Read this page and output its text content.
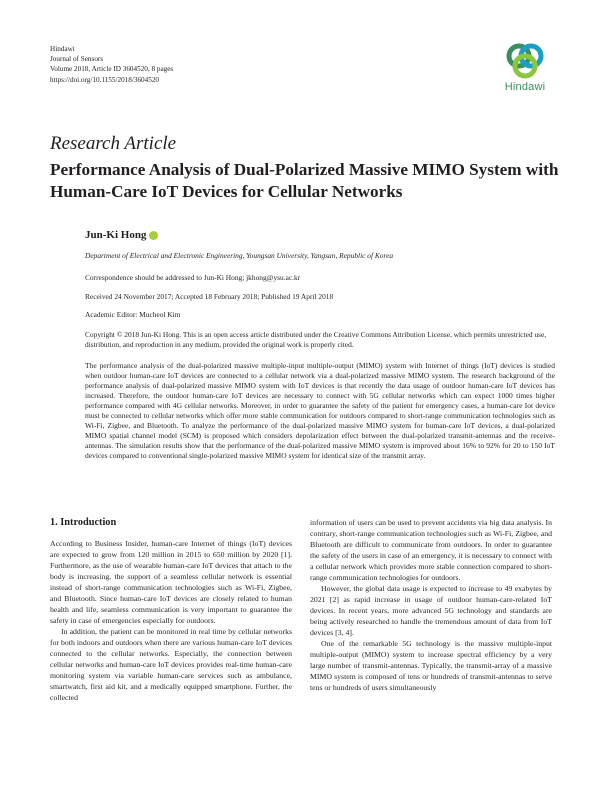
Hindawi
Journal of Sensors
Volume 2018, Article ID 3604520, 8 pages
https://doi.org/10.1155/2018/3604520
Hindawi
Research Article
Performance Analysis of Dual-Polarized Massive MIMO System with Human-Care IoT Devices for Cellular Networks
Jun-Ki Hong
Department of Electrical and Electronic Engineering, Youngsan University, Yangsan, Republic of Korea
Correspondence should be addressed to Jun-Ki Hong; jkhong@ysu.ac.kr
Received 24 November 2017; Accepted 18 February 2018; Published 19 April 2018
Academic Editor: Mucheol Kim
Copyright © 2018 Jun-Ki Hong. This is an open access article distributed under the Creative Commons Attribution License, which permits unrestricted use, distribution, and reproduction in any medium, provided the original work is properly cited.
The performance analysis of the dual-polarized massive multiple-input multiple-output (MIMO) system with Internet of things (IoT) devices is studied when outdoor human-care IoT devices are connected to a cellular network via a dual-polarized massive MIMO system. The research background of the performance analysis of dual-polarized massive MIMO system with IoT devices is that recently the data usage of outdoor human-care IoT devices has increased. Therefore, the outdoor human-care IoT devices are necessary to connect with 5G cellular networks which can expect 1000 times higher performance compared with 4G cellular networks. Moreover, in order to guarantee the safety of the patient for emergency cases, a human-care Iot device must be connected to cellular networks which offer more stable communication for outdoors compared to short-range communication technologies such as Wi-Fi, Zigbee, and Bluetooth. To analyze the performance of the dual-polarized massive MIMO system for human-care IoT devices, a dual-polarized MIMO spatial channel model (SCM) is proposed which considers depolarization effect between the dual-polarized transmit-antennas and the receive-antennas. The simulation results show that the performance of the dual-polarized massive MIMO system is improved about 16% to 92% for 20 to 150 IoT devices compared to conventional single-polarized massive MIMO system for identical size of the transmit array.
1. Introduction

According to Business Insider, human-care Internet of things (IoT) devices are expected to grow from 120 million in 2015 to 650 million by 2020 [1]. Furthermore, as the use of wearable human-care IoT devices that attach to the body is increasing, the support of a seamless cellular network is essential instead of short-range communication technologies such as Wi-Fi, Zigbee, and Bluetooth. Since human-care IoT devices are closely related to human health and life, seamless communication is very important to guarantee the safety in case of emergencies especially for outdoors.

In addition, the patient can be monitored in real time by cellular networks for both indoors and outdoors when there are various human-care IoT devices connected to the cellular networks. Especially, the connection between cellular networks and human-care IoT devices provides real-time human-care monitoring system via variable human-care services such as ambulance, smartwatch, first aid kit, and a medically equipped smartphone. Further, the collected

information of users can be used to prevent accidents via big data analysis. In contrary, short-range communication technologies such as Wi-Fi, Zigbee, and Bluetooth are difficult to communicate from outdoors. In order to guarantee the safety of the users in case of an emergency, it is necessary to connect with a cellular network which provides more stable connection compared to short-range communication technologies for outdoors.

However, the global data usage is expected to increase to 49 exabytes by 2021 [2] as rapid increase in usage of outdoor human-care-related IoT devices. In recent years, more advanced 5G technology and standards are being actively researched to handle the tremendous amount of data from IoT devices [3, 4].

One of the remarkable 5G technology is the massive multiple-input multiple-output (MIMO) system to increase spectral efficiency by a very large number of transmit-antennas. Typically, the transmit-array of a massive MIMO system is composed of tens or hundreds of transmit-antennas to serve tens or hundreds of users simultaneously
